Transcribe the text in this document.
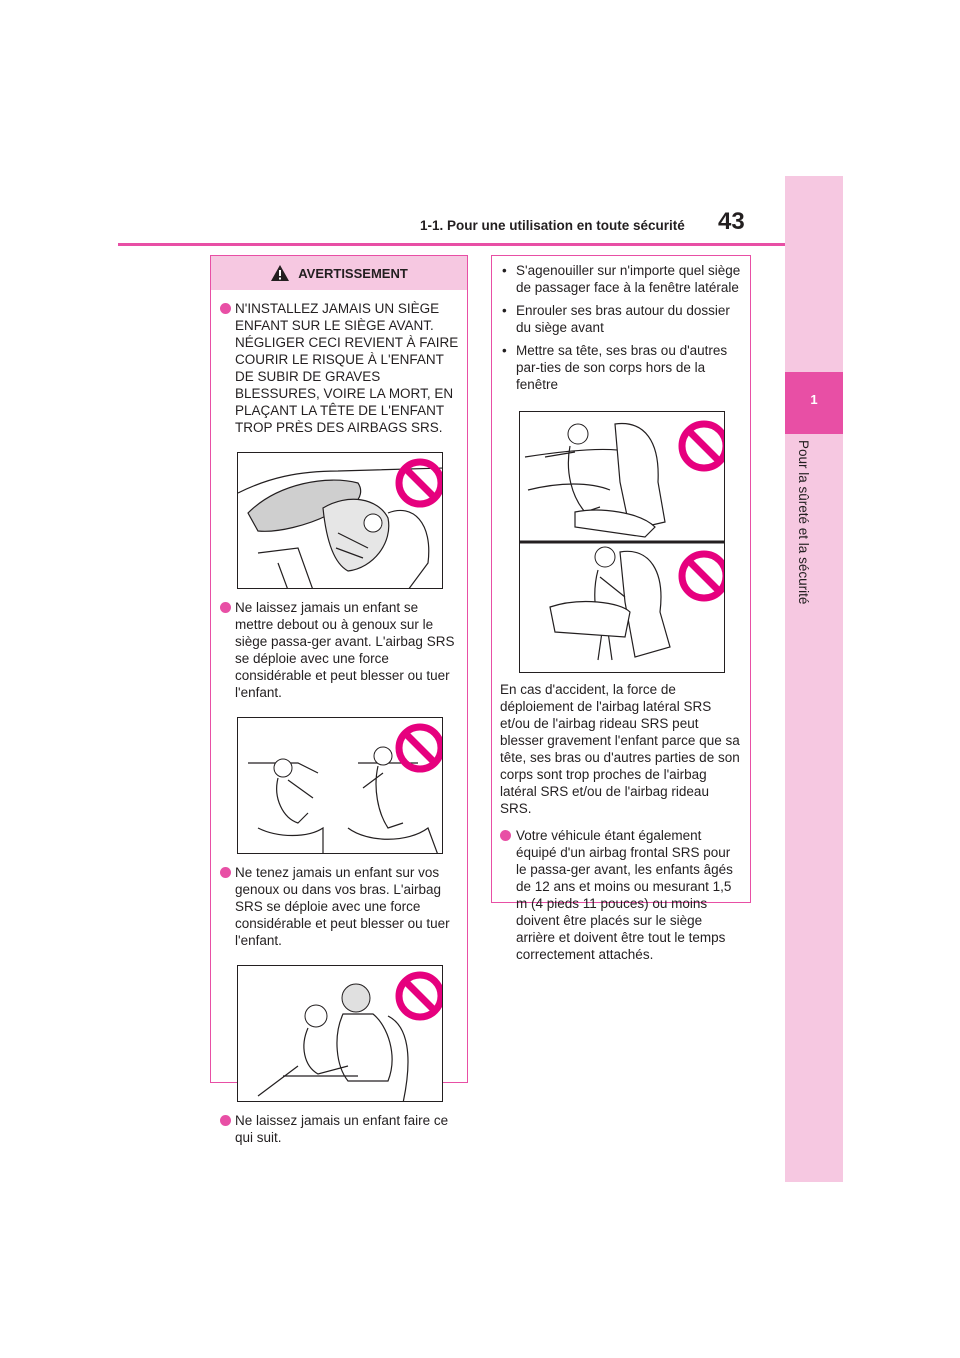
1-1. Pour une utilisation en toute sécurité 43
1
Pour la sûreté et la sécurité
AVERTISSEMENT
N'INSTALLEZ JAMAIS UN SIÈGE ENFANT SUR LE SIÈGE AVANT. NÉGLIGER CECI REVIENT À FAIRE COURIR LE RISQUE À L'ENFANT DE SUBIR DE GRAVES BLESSURES, VOIRE LA MORT, EN PLAÇANT LA TÊTE DE L'ENFANT TROP PRÈS DES AIRBAGS SRS.
Ne laissez jamais un enfant se mettre debout ou à genoux sur le siège passa-ger avant. L'airbag SRS se déploie avec une force considérable et peut blesser ou tuer l'enfant.
Ne tenez jamais un enfant sur vos genoux ou dans vos bras. L'airbag SRS se déploie avec une force considérable et peut blesser ou tuer l'enfant.
Ne laissez jamais un enfant faire ce qui suit.
• S'agenouiller sur n'importe quel siège de passager face à la fenêtre latérale
• Enrouler ses bras autour du dossier du siège avant
• Mettre sa tête, ses bras ou d'autres par-ties de son corps hors de la fenêtre
En cas d'accident, la force de déploiement de l'airbag latéral SRS et/ou de l'airbag rideau SRS peut blesser gravement l'enfant parce que sa tête, ses bras ou d'autres parties de son corps sont trop proches de l'airbag latéral SRS et/ou de l'airbag rideau SRS.
Votre véhicule étant également équipé d'un airbag frontal SRS pour le passa-ger avant, les enfants âgés de 12 ans et moins ou mesurant 1,5 m (4 pieds 11 pouces) ou moins doivent être placés sur le siège arrière et doivent être tout le temps correctement attachés.
